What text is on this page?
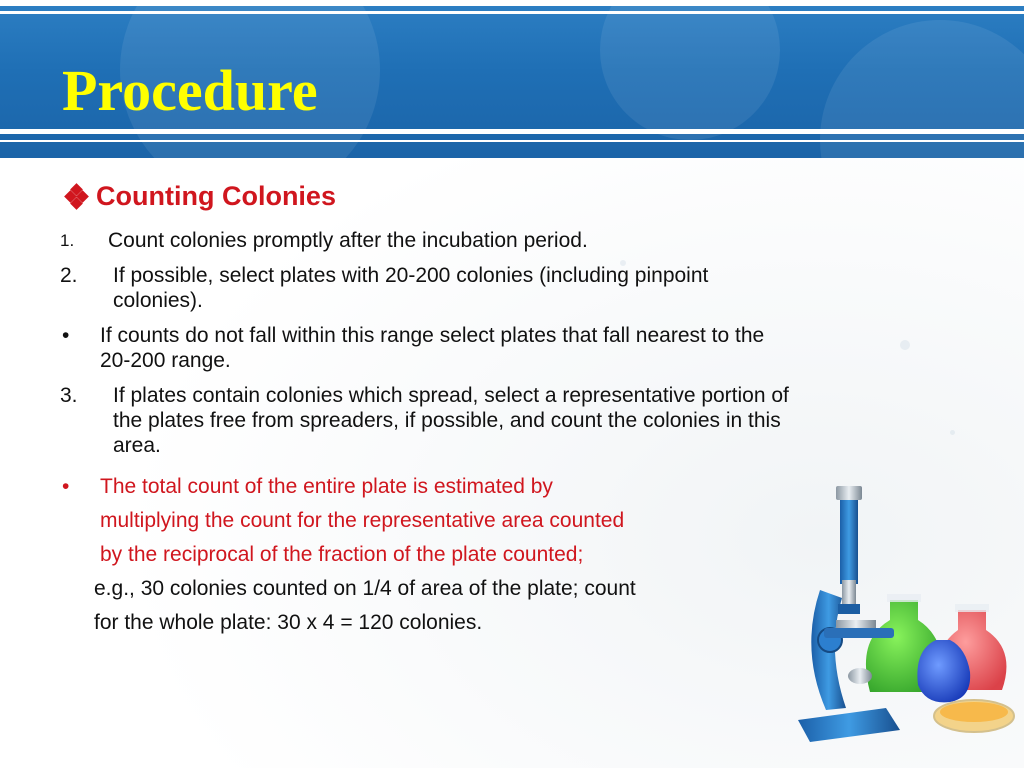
Procedure
Counting Colonies
1. Count colonies promptly after the incubation period.
2. If possible, select plates with 20-200 colonies (including pinpoint
colonies).
• If counts do not fall within this range select plates that fall nearest to the
20-200 range.
3. If plates contain colonies which spread, select a representative portion of
the plates free from spreaders, if possible, and count the colonies in this
area.
• The total count of the entire plate is estimated by
multiplying the count for the representative area counted
by the reciprocal of the fraction of the plate counted;
e.g., 30 colonies counted on 1/4 of area of the plate; count
for the whole plate: 30 x 4 = 120 colonies.
